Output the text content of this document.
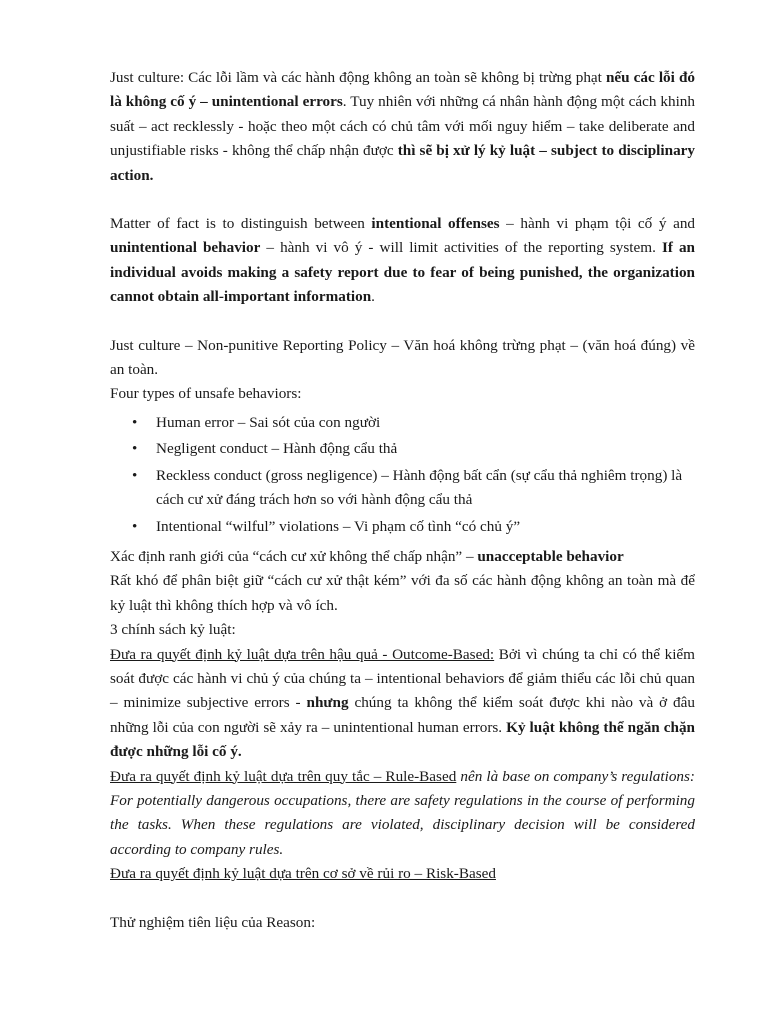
Just culture: Các lỗi lầm và các hành động không an toàn sẽ không bị trừng phạt nếu các lỗi đó là không cố ý – unintentional errors. Tuy nhiên với những cá nhân hành động một cách khinh suất – act recklessly - hoặc theo một cách có chủ tâm với mối nguy hiểm – take deliberate and unjustifiable risks - không thể chấp nhận được thì sẽ bị xử lý kỷ luật – subject to disciplinary action.

Matter of fact is to distinguish between intentional offenses – hành vi phạm tội cố ý and unintentional behavior – hành vi vô ý - will limit activities of the reporting system. If an individual avoids making a safety report due to fear of being punished, the organization cannot obtain all-important information.

Just culture – Non-punitive Reporting Policy – Văn hoá không trừng phạt – (văn hoá đúng) về an toàn.

Four types of unsafe behaviors:

• Human error – Sai sót của con người
• Negligent conduct – Hành động cẩu thả
• Reckless conduct (gross negligence) – Hành động bất cẩn (sự cẩu thả nghiêm trọng) là cách cư xử đáng trách hơn so với hành động cẩu thả
• Intentional “wilful” violations – Vi phạm cố tình “có chủ ý”

Xác định ranh giới của “cách cư xử không thể chấp nhận” – unacceptable behavior

Rất khó để phân biệt giữ “cách cư xử thật kém” với đa số các hành động không an toàn mà để kỷ luật thì không thích hợp và vô ích.

3 chính sách kỷ luật:

Đưa ra quyết định kỷ luật dựa trên hậu quả - Outcome-Based: Bởi vì chúng ta chỉ có thể kiểm soát được các hành vi chủ ý của chúng ta – intentional behaviors để giảm thiểu các lỗi chủ quan – minimize subjective errors - nhưng chúng ta không thể kiểm soát được khi nào và ở đâu những lỗi của con người sẽ xảy ra – unintentional human errors. Kỷ luật không thể ngăn chặn được những lỗi cố ý.

Đưa ra quyết định kỷ luật dựa trên quy tắc – Rule-Based nên là base on company’s regulations: For potentially dangerous occupations, there are safety regulations in the course of performing the tasks. When these regulations are violated, disciplinary decision will be considered according to company rules.

Đưa ra quyết định kỷ luật dựa trên cơ sở về rủi ro – Risk-Based

Thử nghiệm tiên liệu của Reason:
